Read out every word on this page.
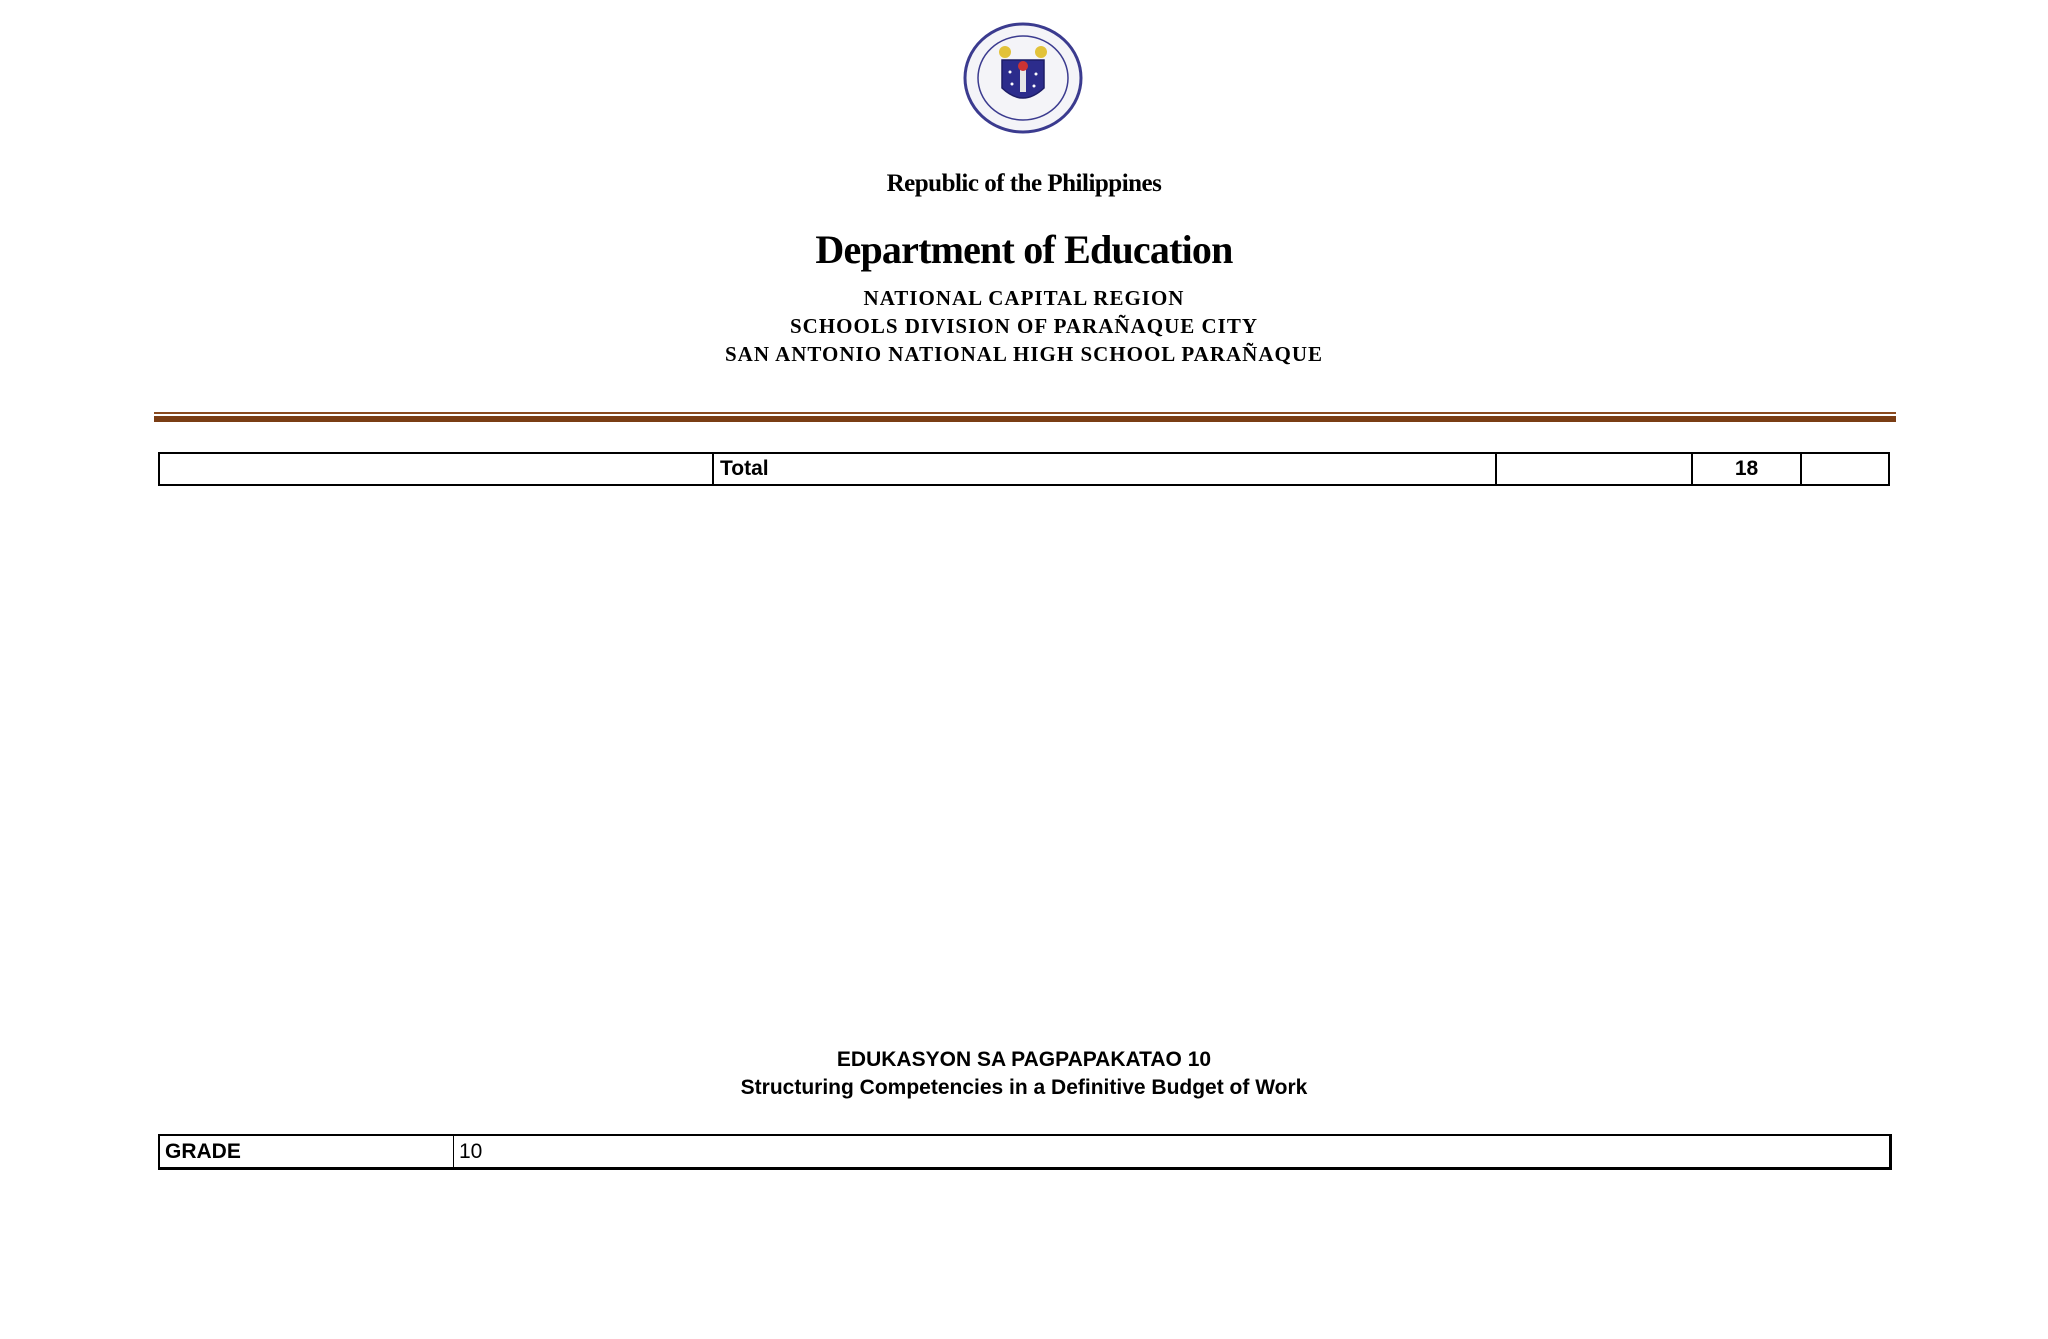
Republic of the Philippines
Department of Education
NATIONAL CAPITAL REGION
SCHOOLS DIVISION OF PARAÑAQUE CITY
SAN ANTONIO NATIONAL HIGH SCHOOL PARAÑAQUE
Total	18
EDUKASYON SA PAGPAPAKATAO 10
Structuring Competencies in a Definitive Budget of Work
GRADE	10
